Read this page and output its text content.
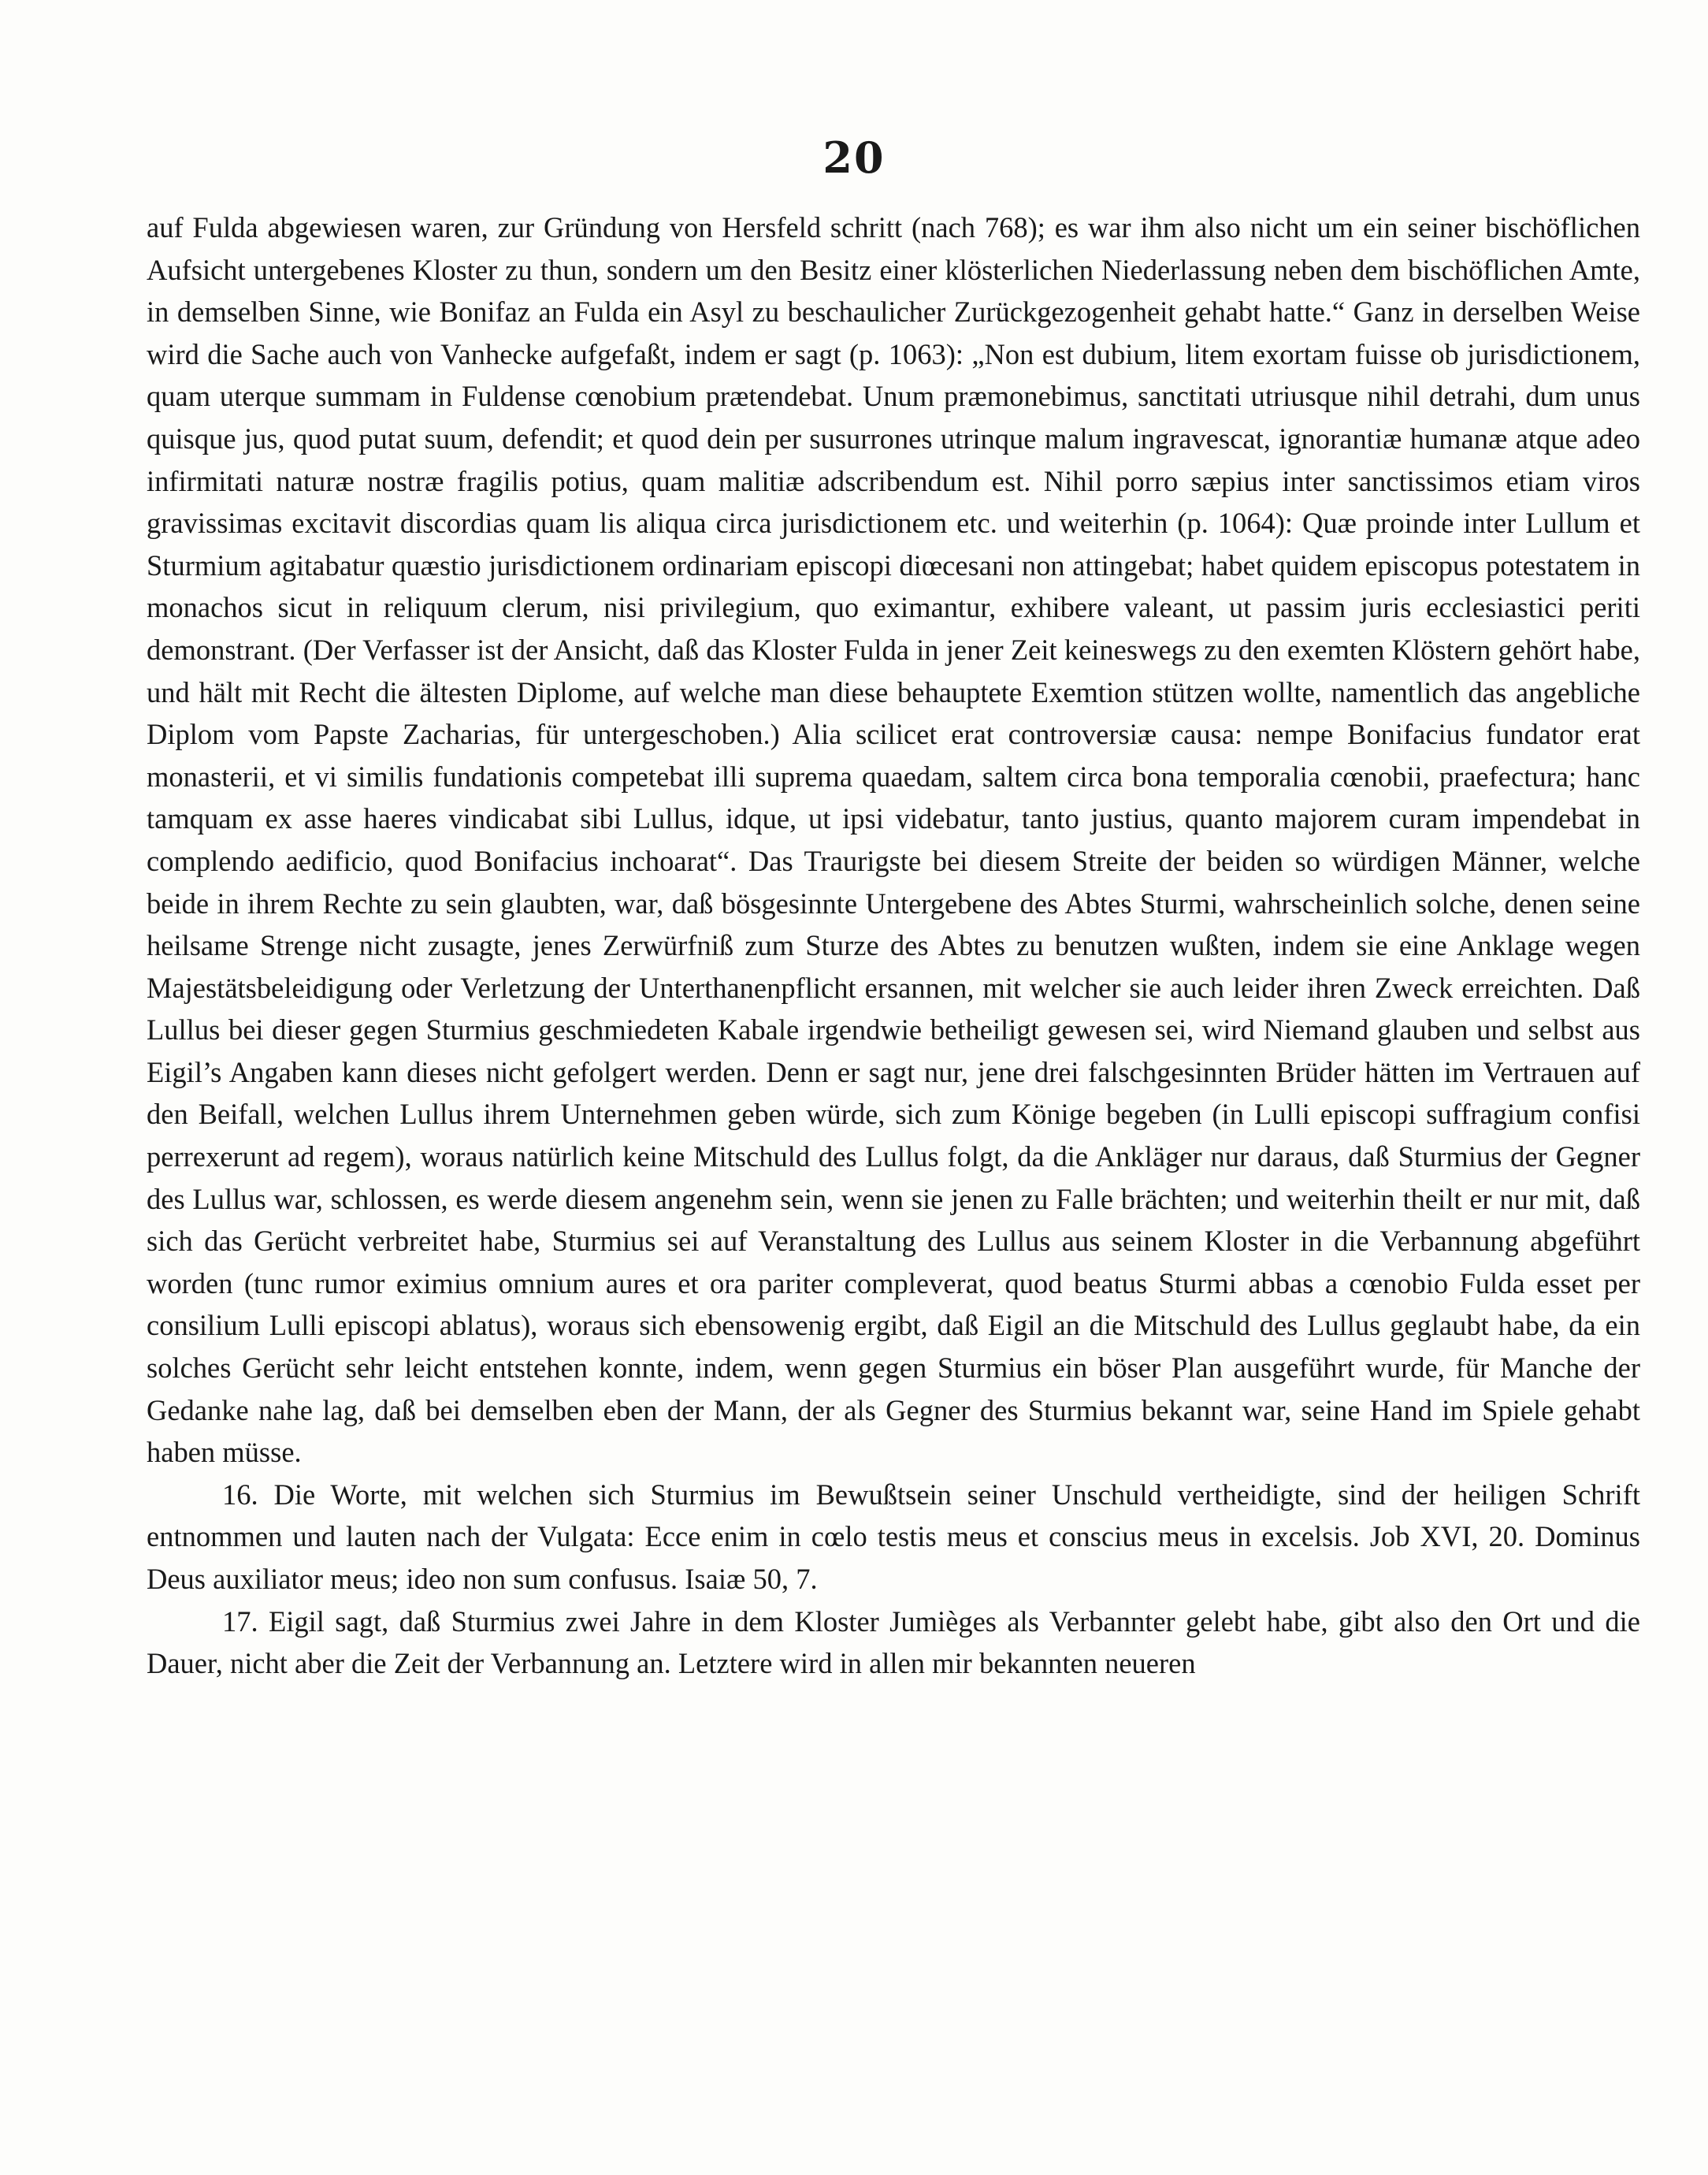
20

auf Fulda abgewiesen waren, zur Gründung von Hersfeld schritt (nach 768); es war ihm also nicht um ein seiner bischöflichen Aufsicht untergebenes Kloster zu thun, sondern um den Besitz einer klösterlichen Niederlassung neben dem bischöflichen Amte, in demselben Sinne, wie Bonifaz an Fulda ein Asyl zu beschaulicher Zurückgezogenheit gehabt hatte.“ Ganz in derselben Weise wird die Sache auch von Vanhecke aufgefaßt, indem er sagt (p. 1063): „Non est dubium, litem exortam fuisse ob jurisdictionem, quam uterque summam in Fuldense cœnobium prætendebat. Unum præmonebimus, sanctitati utriusque nihil detrahi, dum unus quisque jus, quod putat suum, defendit; et quod dein per susurrones utrinque malum ingravescat, ignorantiæ humanæ atque adeo infirmitati naturæ nostræ fragilis potius, quam malitiæ adscribendum est. Nihil porro sæpius inter sanctissimos etiam viros gravissimas excitavit discordias quam lis aliqua circa jurisdictionem etc. und weiterhin (p. 1064): Quæ proinde inter Lullum et Sturmium agitabatur quæstio jurisdictionem ordinariam episcopi diœcesani non attingebat; habet quidem episcopus potestatem in monachos sicut in reliquum clerum, nisi privilegium, quo eximantur, exhibere valeant, ut passim juris ecclesiastici periti demonstrant. (Der Verfasser ist der Ansicht, daß das Kloster Fulda in jener Zeit keineswegs zu den exemten Klöstern gehört habe, und hält mit Recht die ältesten Diplome, auf welche man diese behauptete Exemtion stützen wollte, namentlich das angebliche Diplom vom Papste Zacharias, für untergeschoben.) Alia scilicet erat controversiæ causa: nempe Bonifacius fundator erat monasterii, et vi similis fundationis competebat illi suprema quaedam, saltem circa bona temporalia cœnobii, praefectura; hanc tamquam ex asse haeres vindicabat sibi Lullus, idque, ut ipsi videbatur, tanto justius, quanto majorem curam impendebat in complendo aedificio, quod Bonifacius inchoarat“. Das Traurigste bei diesem Streite der beiden so würdigen Männer, welche beide in ihrem Rechte zu sein glaubten, war, daß bösgesinnte Untergebene des Abtes Sturmi, wahrscheinlich solche, denen seine heilsame Strenge nicht zusagte, jenes Zerwürfniß zum Sturze des Abtes zu benutzen wußten, indem sie eine Anklage wegen Majestätsbeleidigung oder Verletzung der Unterthanenpflicht ersannen, mit welcher sie auch leider ihren Zweck erreichten. Daß Lullus bei dieser gegen Sturmius geschmiedeten Kabale irgendwie betheiligt gewesen sei, wird Niemand glauben und selbst aus Eigil’s Angaben kann dieses nicht gefolgert werden. Denn er sagt nur, jene drei falschgesinnten Brüder hätten im Vertrauen auf den Beifall, welchen Lullus ihrem Unternehmen geben würde, sich zum Könige begeben (in Lulli episcopi suffragium confisi perrexerunt ad regem), woraus natürlich keine Mitschuld des Lullus folgt, da die Ankläger nur daraus, daß Sturmius der Gegner des Lullus war, schlossen, es werde diesem angenehm sein, wenn sie jenen zu Falle brächten; und weiterhin theilt er nur mit, daß sich das Gerücht verbreitet habe, Sturmius sei auf Veranstaltung des Lullus aus seinem Kloster in die Verbannung abgeführt worden (tunc rumor eximius omnium aures et ora pariter compleverat, quod beatus Sturmi abbas a cœnobio Fulda esset per consilium Lulli episcopi ablatus), woraus sich ebensowenig ergibt, daß Eigil an die Mitschuld des Lullus geglaubt habe, da ein solches Gerücht sehr leicht entstehen konnte, indem, wenn gegen Sturmius ein böser Plan ausgeführt wurde, für Manche der Gedanke nahe lag, daß bei demselben eben der Mann, der als Gegner des Sturmius bekannt war, seine Hand im Spiele gehabt haben müsse.

16. Die Worte, mit welchen sich Sturmius im Bewußtsein seiner Unschuld vertheidigte, sind der heiligen Schrift entnommen und lauten nach der Vulgata: Ecce enim in cœlo testis meus et conscius meus in excelsis. Job XVI, 20. Dominus Deus auxiliator meus; ideo non sum confusus. Isaiæ 50, 7.

17. Eigil sagt, daß Sturmius zwei Jahre in dem Kloster Jumièges als Verbannter gelebt habe, gibt also den Ort und die Dauer, nicht aber die Zeit der Verbannung an. Letztere wird in allen mir bekannten neueren
